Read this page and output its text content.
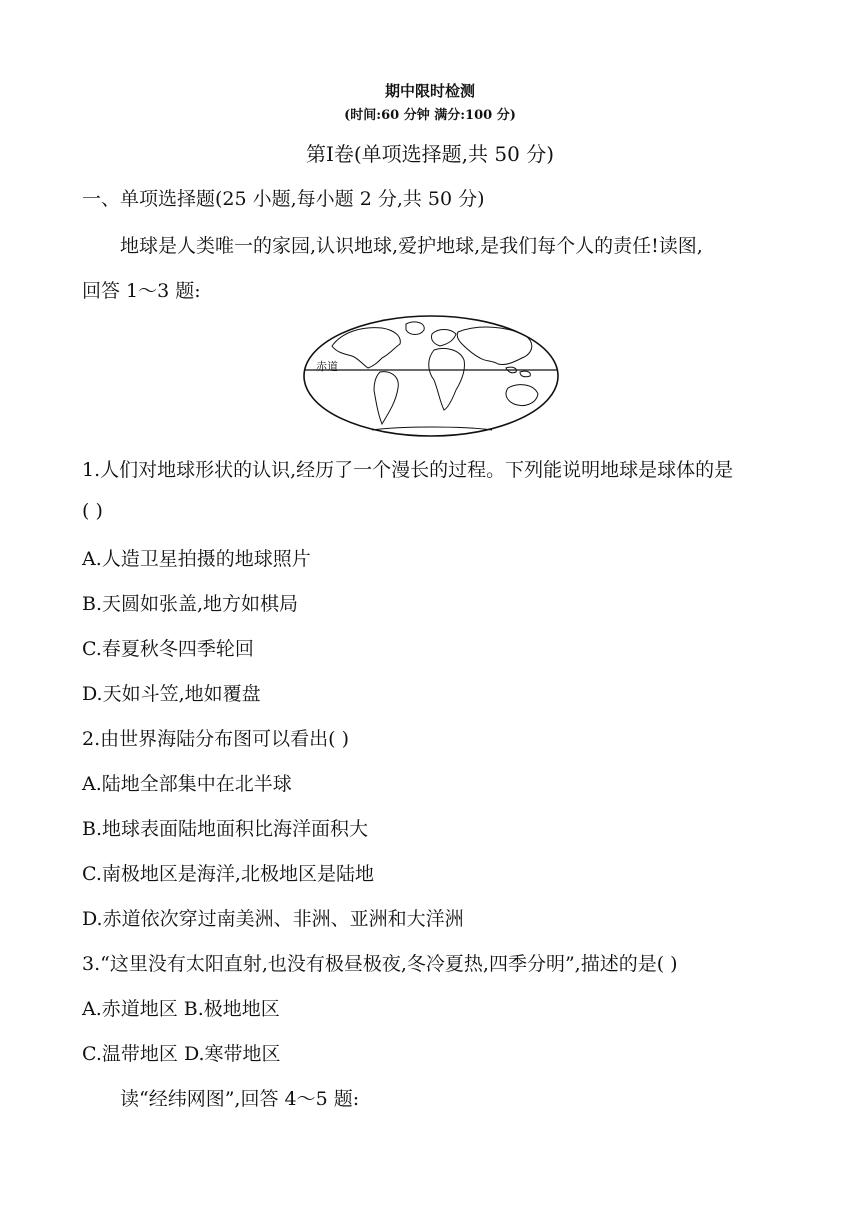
期中限时检测
(时间:60 分钟 满分:100 分)
第Ⅰ卷(单项选择题,共 50 分)
一、单项选择题(25 小题,每小题 2 分,共 50 分)
地球是人类唯一的家园,认识地球,爱护地球,是我们每个人的责任!读图,
回答 1～3 题:
赤道
1.人们对地球形状的认识,经历了一个漫长的过程。下列能说明地球是球体的是
( )
A.人造卫星拍摄的地球照片
B.天圆如张盖,地方如棋局
C.春夏秋冬四季轮回
D.天如斗笠,地如覆盘
2.由世界海陆分布图可以看出( )
A.陆地全部集中在北半球
B.地球表面陆地面积比海洋面积大
C.南极地区是海洋,北极地区是陆地
D.赤道依次穿过南美洲、非洲、亚洲和大洋洲
3.“这里没有太阳直射,也没有极昼极夜,冬冷夏热,四季分明”,描述的是( )
A.赤道地区 B.极地地区
C.温带地区 D.寒带地区
读“经纬网图”,回答 4～5 题:
